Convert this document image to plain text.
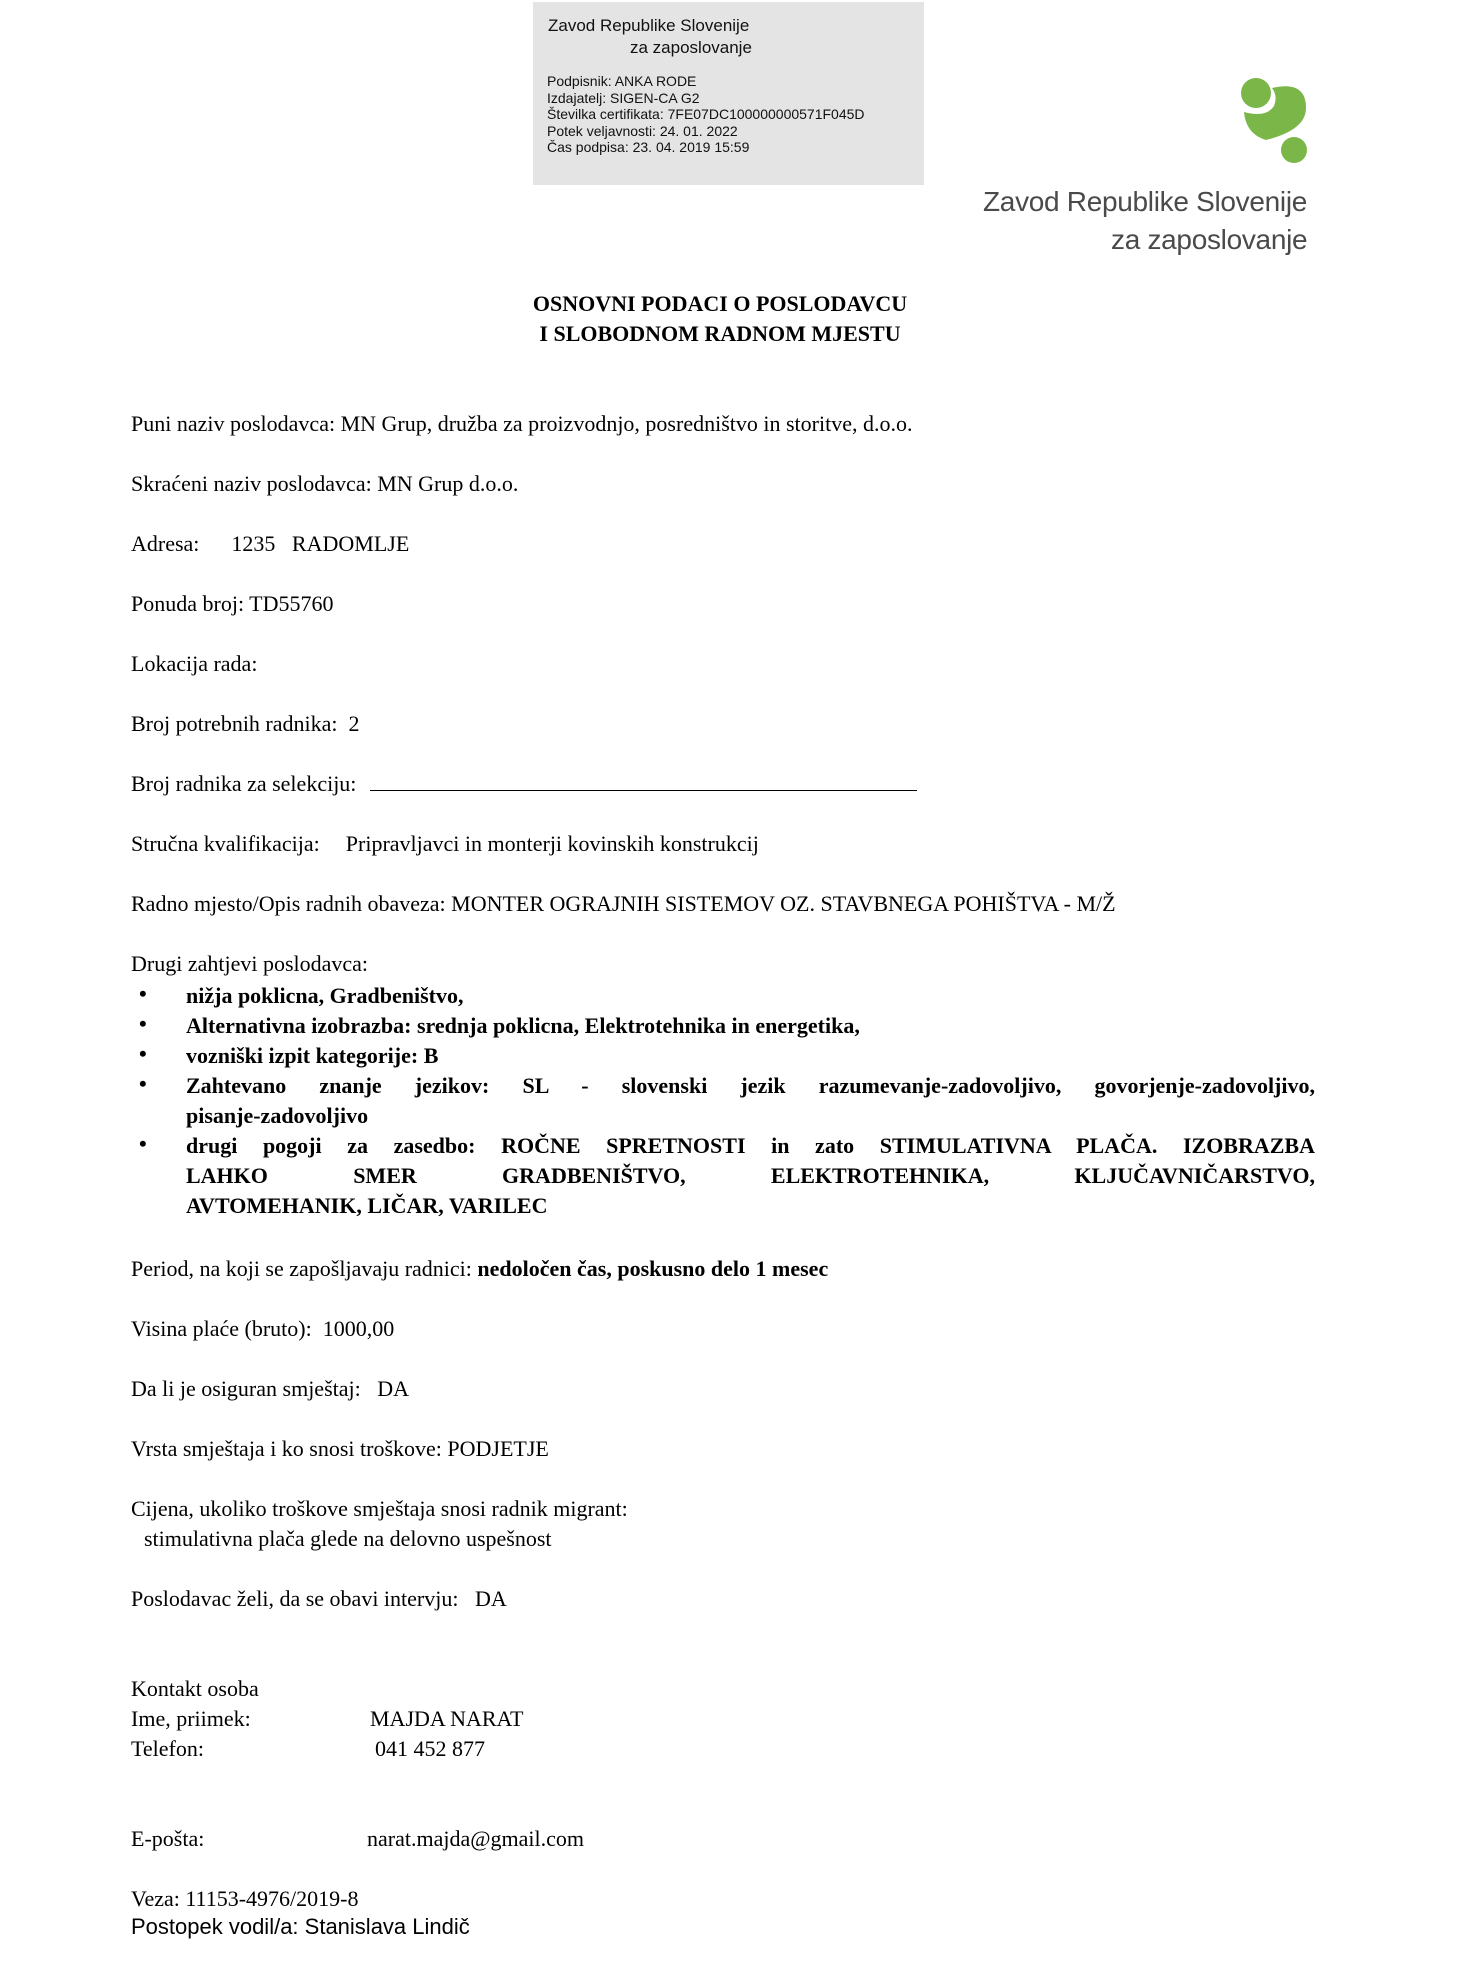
Zavod Republike Slovenije
za zaposlovanje
Podpisnik: ANKA RODE
Izdajatelj: SIGEN-CA G2
Številka certifikata: 7FE07DC100000000571F045D
Potek veljavnosti: 24. 01. 2022
Čas podpisa: 23. 04. 2019 15:59
Zavod Republike Slovenije
za zaposlovanje
OSNOVNI PODACI O POSLODAVCU
I SLOBODNOM RADNOM MJESTU
Puni naziv poslodavca: MN Grup, družba za proizvodnjo, posredništvo in storitve, d.o.o.
Skraćeni naziv poslodavca: MN Grup d.o.o.
Adresa: 1235   RADOMLJE
Ponuda broj: TD55760
Lokacija rada:
Broj potrebnih radnika:  2
Broj radnika za selekciju:
Stručna kvalifikacija: Pripravljavci in monterji kovinskih konstrukcij
Radno mjesto/Opis radnih obaveza: MONTER OGRAJNIH SISTEMOV OZ. STAVBNEGA POHIŠTVA - M/Ž
Drugi zahtjevi poslodavca:
• nižja poklicna, Gradbeništvo,
• Alternativna izobrazba: srednja poklicna, Elektrotehnika in energetika,
• vozniški izpit kategorije: B
• Zahtevano znanje jezikov: SL - slovenski jezik razumevanje-zadovoljivo, govorjenje-zadovoljivo,
pisanje-zadovoljivo
• drugi pogoji za zasedbo: ROČNE SPRETNOSTI in zato STIMULATIVNA PLAČA. IZOBRAZBA
LAHKO SMER GRADBENIŠTVO, ELEKTROTEHNIKA, KLJUČAVNIČARSTVO,
AVTOMEHANIK, LIČAR, VARILEC
Period, na koji se zapošljavaju radnici: nedoločen čas, poskusno delo 1 mesec
Visina plaće (bruto):  1000,00
Da li je osiguran smještaj:   DA
Vrsta smještaja i ko snosi troškove: PODJETJE
Cijena, ukoliko troškove smještaja snosi radnik migrant:
stimulativna plača glede na delovno uspešnost
Poslodavac želi, da se obavi intervju:   DA
Kontakt osoba
Ime, priimek:	MAJDA NARAT
Telefon:	041 452 877
E-pošta:	narat.majda@gmail.com
Veza: 11153-4976/2019-8
Postopek vodil/a: Stanislava Lindič
